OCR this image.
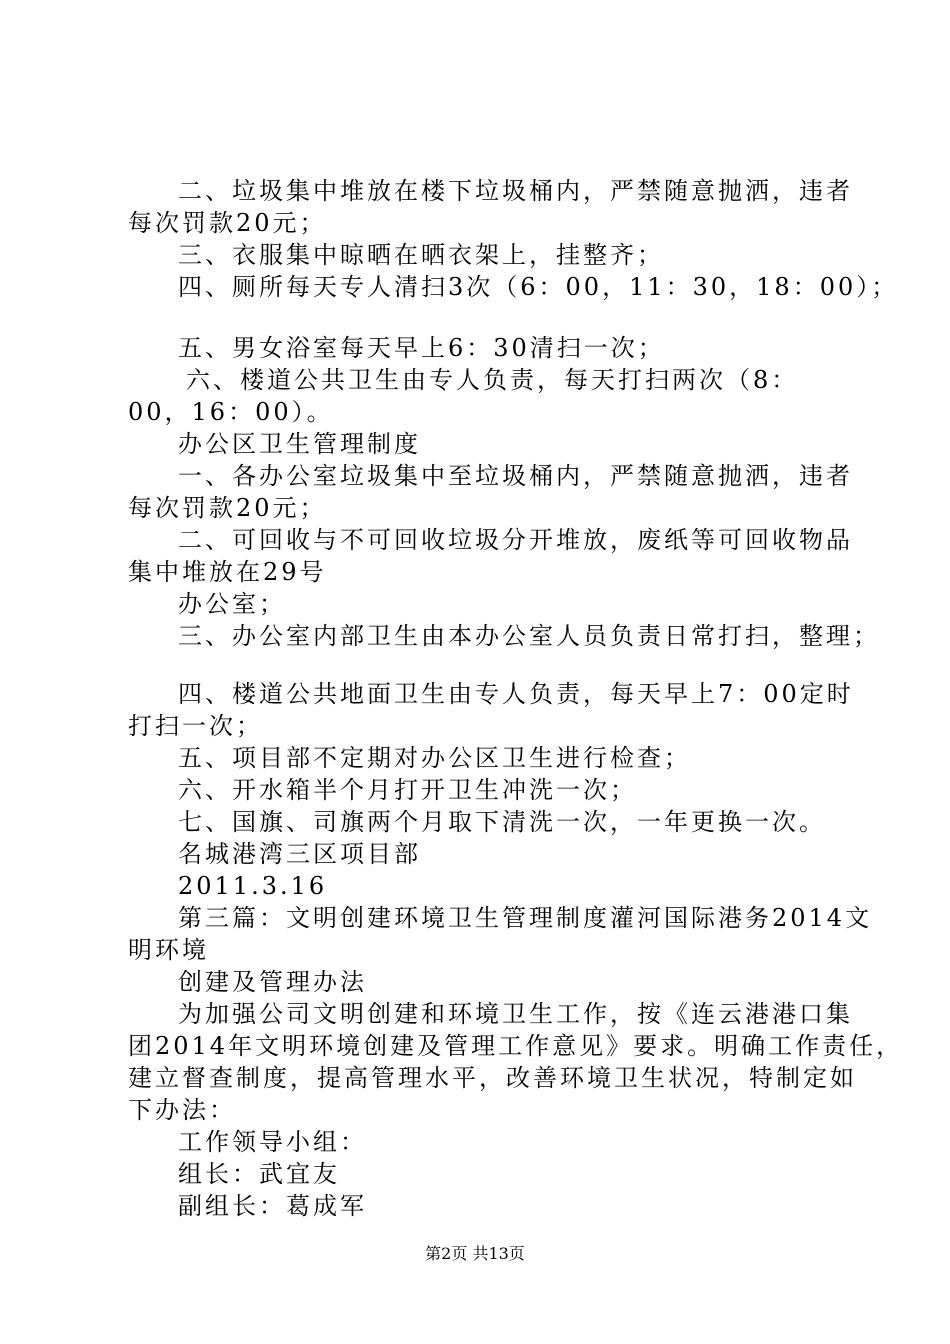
二、垃圾集中堆放在楼下垃圾桶内，严禁随意抛洒，违者
每次罚款20元；
三、衣服集中晾晒在晒衣架上，挂整齐；
四、厕所每天专人清扫3次（6：00，11：30，18：00）；
五、男女浴室每天早上6：30清扫一次；
六、楼道公共卫生由专人负责，每天打扫两次（8：
00，16：00）。
办公区卫生管理制度
一、各办公室垃圾集中至垃圾桶内，严禁随意抛洒，违者
每次罚款20元；
二、可回收与不可回收垃圾分开堆放，废纸等可回收物品
集中堆放在29号
办公室；
三、办公室内部卫生由本办公室人员负责日常打扫，整理；
四、楼道公共地面卫生由专人负责，每天早上7：00定时
打扫一次；
五、项目部不定期对办公区卫生进行检查；
六、开水箱半个月打开卫生冲洗一次；
七、国旗、司旗两个月取下清洗一次，一年更换一次。
名城港湾三区项目部
2011.3.16
第三篇：文明创建环境卫生管理制度灌河国际港务2014文
明环境
创建及管理办法
为加强公司文明创建和环境卫生工作，按《连云港港口集
团2014年文明环境创建及管理工作意见》要求。明确工作责任，
建立督查制度，提高管理水平，改善环境卫生状况，特制定如
下办法：
工作领导小组：
组长：武宜友
副组长：葛成军
第2页 共13页
